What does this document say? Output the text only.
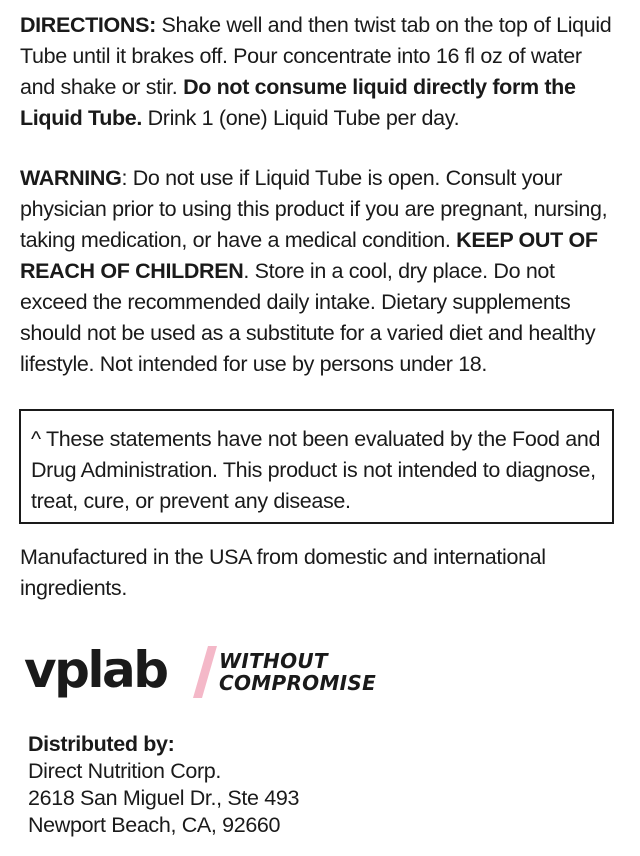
DIRECTIONS: Shake well and then twist tab on the top of Liquid Tube until it brakes off. Pour concentrate into 16 fl oz of water and shake or stir. Do not consume liquid directly form the Liquid Tube. Drink 1 (one) Liquid Tube per day.

WARNING: Do not use if Liquid Tube is open. Consult your physician prior to using this product if you are pregnant, nursing, taking medication, or have a medical condition. KEEP OUT OF REACH OF CHILDREN. Store in a cool, dry place. Do not exceed the recommended daily intake. Dietary supplements should not be used as a substitute for a varied diet and healthy lifestyle. Not intended for use by persons under 18.

^ These statements have not been evaluated by the Food and Drug Administration. This product is not intended to diagnose, treat, cure, or prevent any disease.

Manufactured in the USA from domestic and international ingredients.

vplab	WITHOUT
COMPROMISE
Distributed by:
Direct Nutrition Corp.
2618 San Miguel Dr., Ste 493
Newport Beach, CA, 92660
